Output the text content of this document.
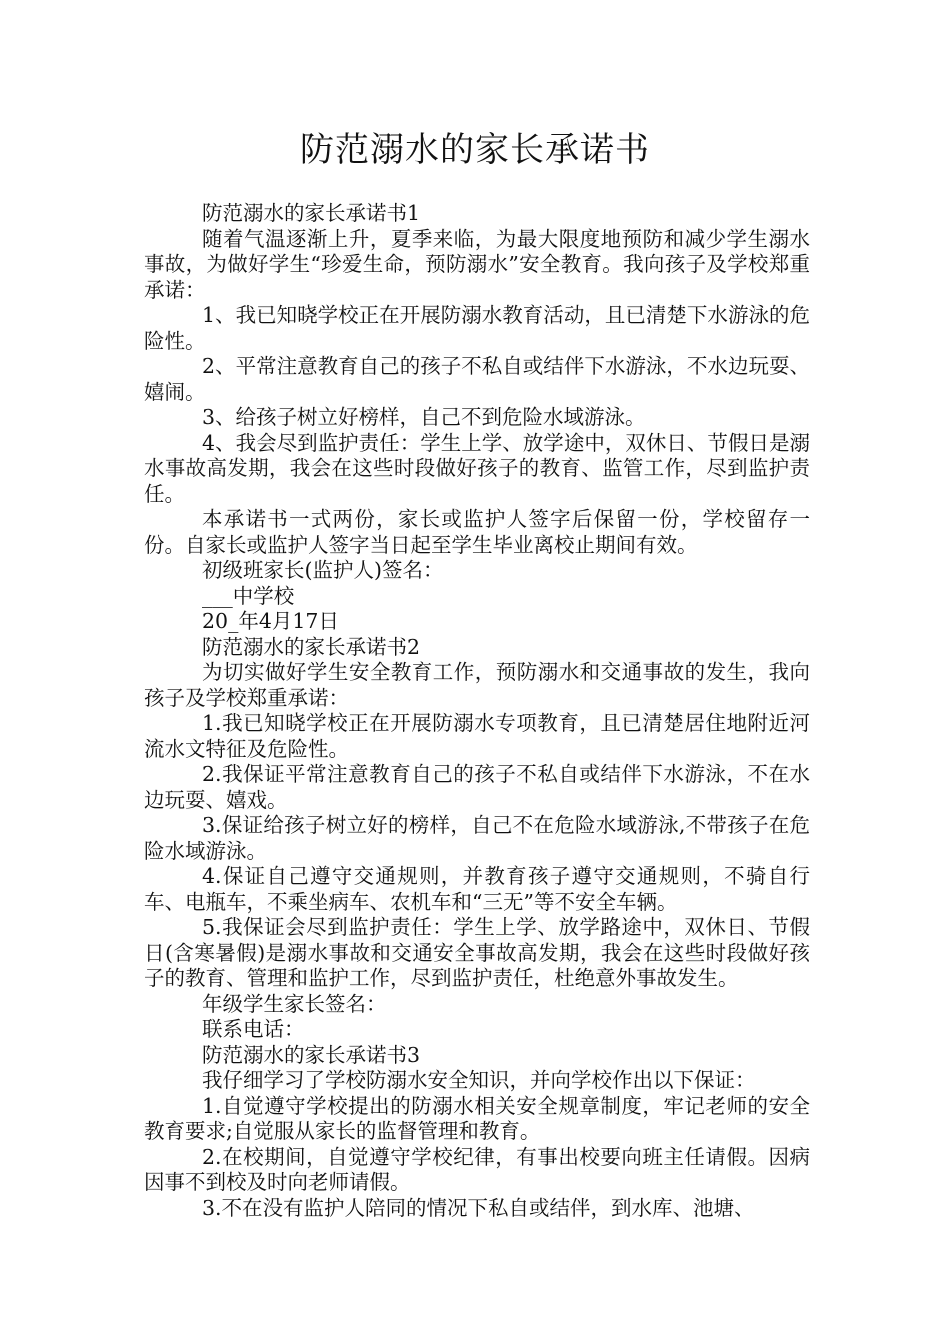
防范溺水的家长承诺书

防范溺水的家长承诺书1

随着气温逐渐上升，夏季来临，为最大限度地预防和减少学生溺水事故，为做好学生“珍爱生命，预防溺水”安全教育。我向孩子及学校郑重承诺：

1、我已知晓学校正在开展防溺水教育活动，且已清楚下水游泳的危险性。

2、平常注意教育自己的孩子不私自或结伴下水游泳，不水边玩耍、嬉闹。

3、给孩子树立好榜样，自己不到危险水域游泳。

4、我会尽到监护责任：学生上学、放学途中，双休日、节假日是溺水事故高发期，我会在这些时段做好孩子的教育、监管工作，尽到监护责任。

本承诺书一式两份，家长或监护人签字后保留一份，学校留存一份。自家长或监护人签字当日起至学生毕业离校止期间有效。

初级班家长(监护人)签名：

___中学校

20_年4月17日

防范溺水的家长承诺书2

为切实做好学生安全教育工作，预防溺水和交通事故的发生，我向孩子及学校郑重承诺：

1.我已知晓学校正在开展防溺水专项教育，且已清楚居住地附近河流水文特征及危险性。

2.我保证平常注意教育自己的孩子不私自或结伴下水游泳，不在水边玩耍、嬉戏。

3.保证给孩子树立好的榜样，自己不在危险水域游泳,不带孩子在危险水域游泳。

4.保证自己遵守交通规则，并教育孩子遵守交通规则，不骑自行车、电瓶车，不乘坐病车、农机车和“三无”等不安全车辆。

5.我保证会尽到监护责任：学生上学、放学路途中，双休日、节假日(含寒暑假)是溺水事故和交通安全事故高发期，我会在这些时段做好孩子的教育、管理和监护工作，尽到监护责任，杜绝意外事故发生。

年级学生家长签名：

联系电话：

防范溺水的家长承诺书3

我仔细学习了学校防溺水安全知识，并向学校作出以下保证：

1.自觉遵守学校提出的防溺水相关安全规章制度，牢记老师的安全教育要求;自觉服从家长的监督管理和教育。

2.在校期间，自觉遵守学校纪律，有事出校要向班主任请假。因病因事不到校及时向老师请假。

3.不在没有监护人陪同的情况下私自或结伴，到水库、池塘、
